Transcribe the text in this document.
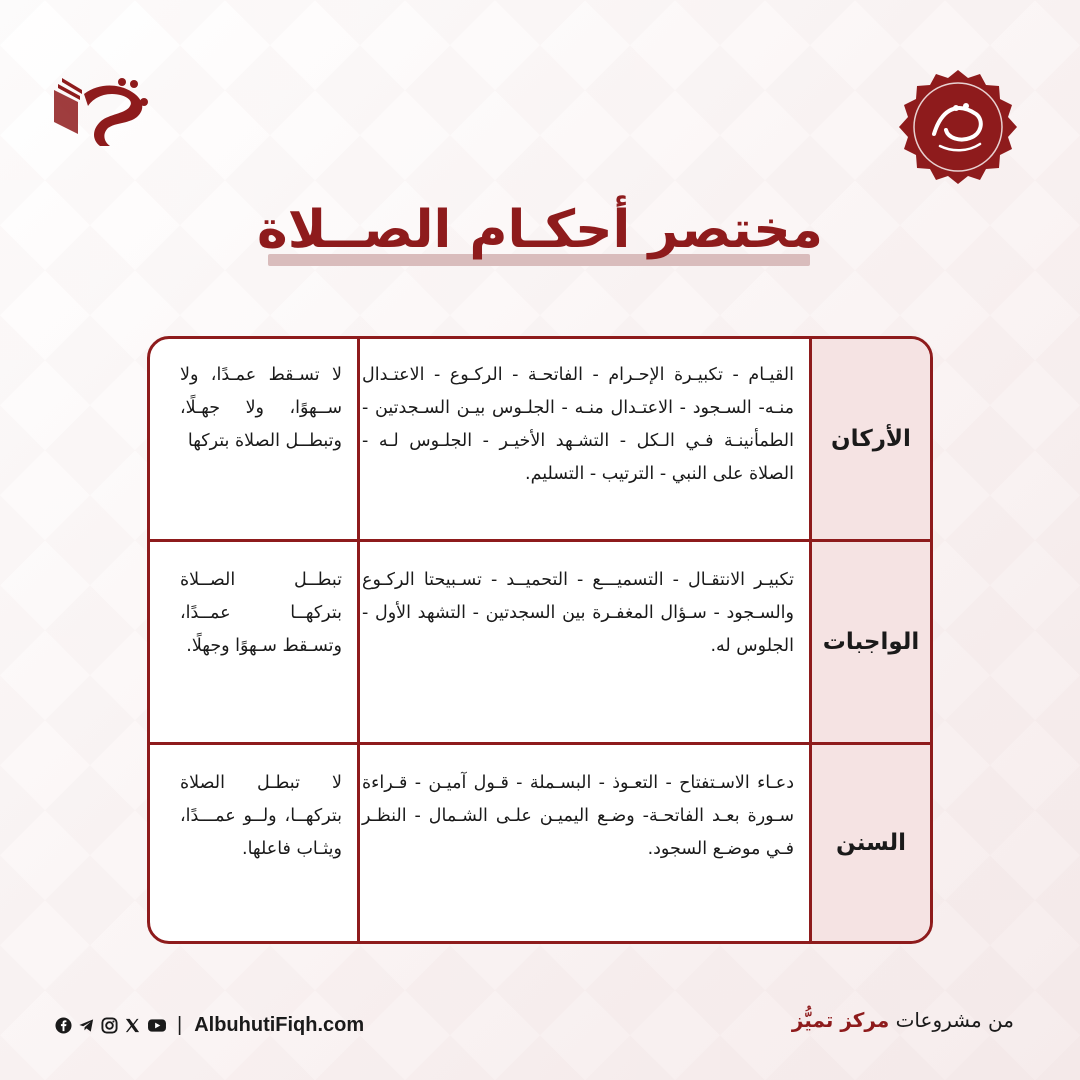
مختصر أحكـام الصــلاة
الأركان
القيـام - تكبيـرة الإحـرام - الفاتحـة - الركـوع - الاعتـدال منـه- السـجود - الاعتـدال منـه - الجلـوس بيـن السـجدتين - الطمأنينـة فـي الـكل - التشـهد الأخيـر - الجلـوس لـه - الصلاة على النبي - الترتيب - التسليم.
لا تسـقط عمـدًا، ولا ســهوًا، ولا جهـلًا، وتبطــل الصلاة بتركها
الواجبات
تكبيـر الانتقـال - التسميـــع - التحميــد - تسـبيحتا الركـوع والسـجود - سـؤال المغفـرة بين السجدتين - التشهد الأول - الجلوس له.
تبطــل الصــلاة بتركهــا عمــدًا، وتسـقط سـهوًا وجهلًا.
السنن
دعـاء الاسـتفتاح - التعـوذ - البسـملة - قـول آميـن - قـراءة سـورة بعـد الفاتحـة- وضـع اليميـن علـى الشـمال - النظـر فـي موضـع السجود.
لا تبطـل الصلاة بتركهــا، ولــو عمـــدًا، ويثـاب فاعلها.
| AlbuhutiFiqh.com	من مشروعات مركز تميُّز
